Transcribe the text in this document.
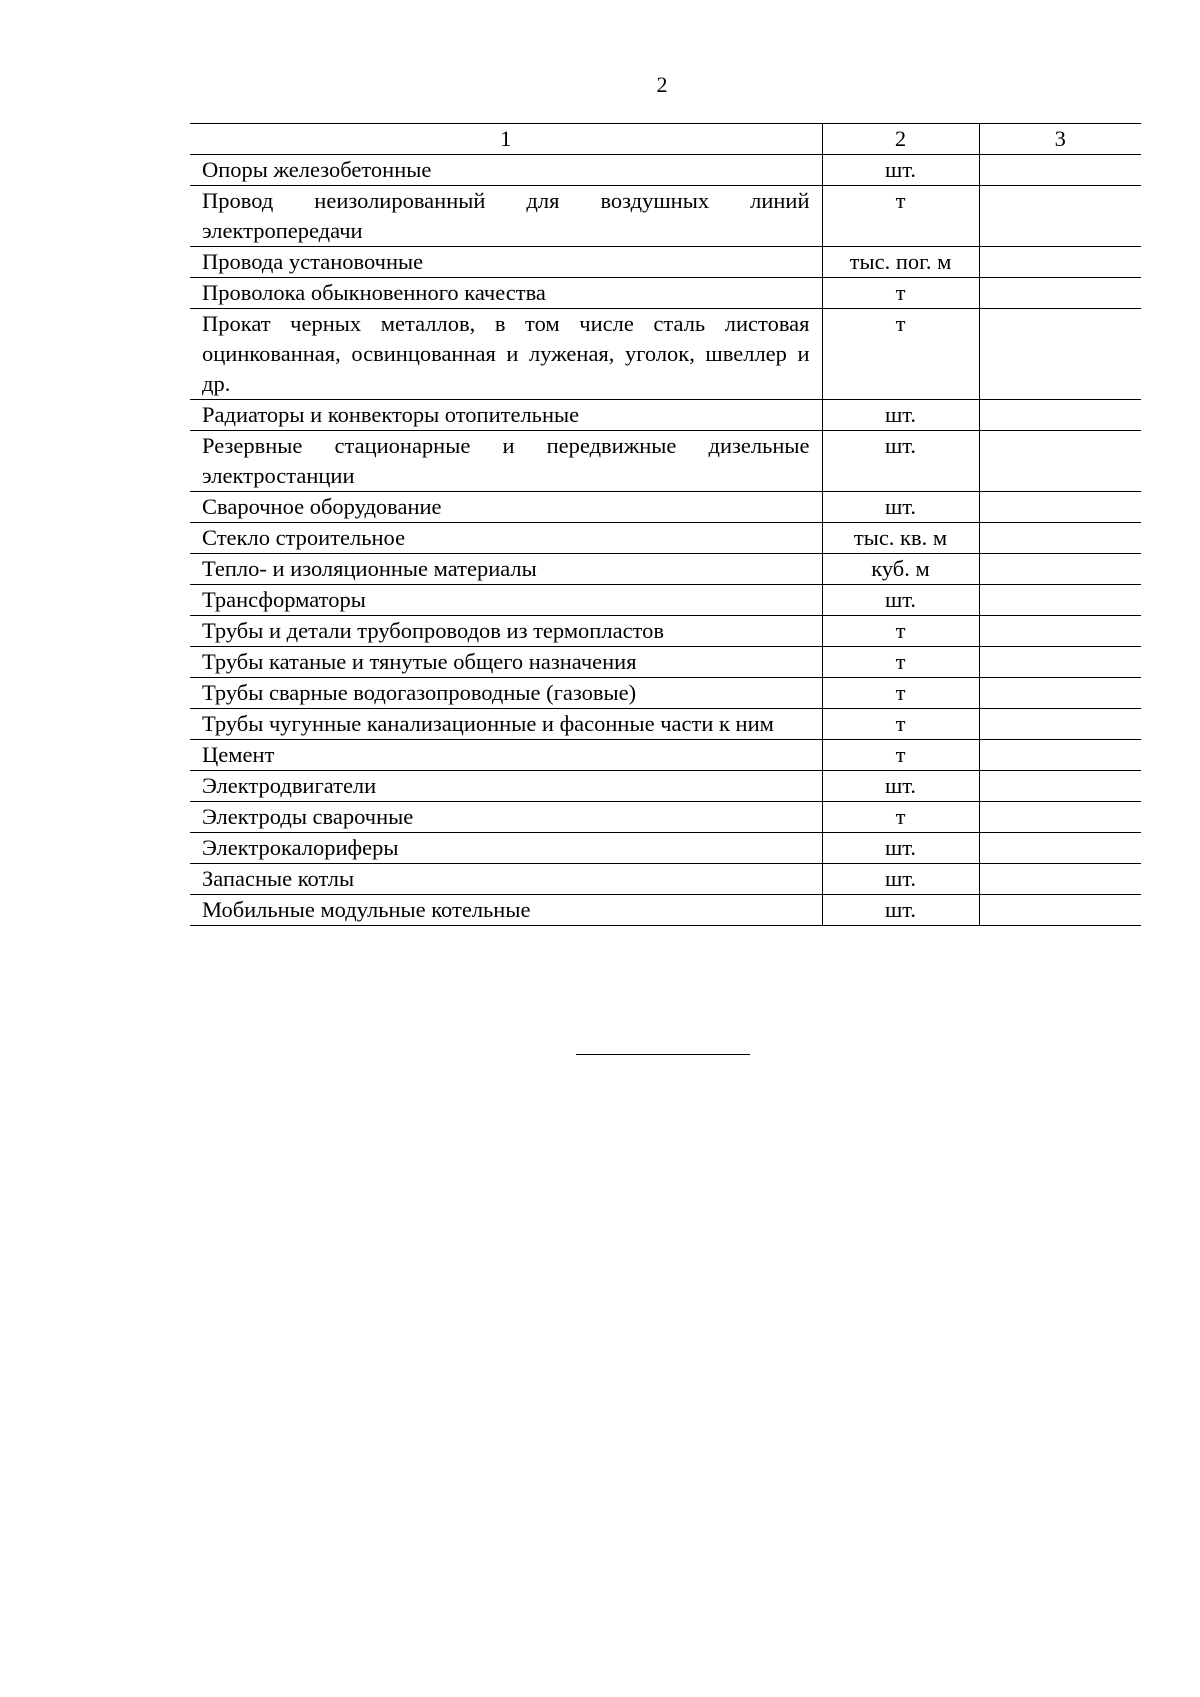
2
1	2	3
Опоры железобетонные	шт.	
Провод неизолированный для воздушных линий электропередачи	т	
Провода установочные	тыс. пог. м	
Проволока обыкновенного качества	т	
Прокат черных металлов, в том числе сталь листовая оцинкованная, освинцованная и луженая, уголок, швеллер и др.	т	
Радиаторы и конвекторы отопительные	шт.	
Резервные стационарные и передвижные дизельные электростанции	шт.	
Сварочное оборудование	шт.	
Стекло строительное	тыс. кв. м	
Тепло- и изоляционные материалы	куб. м	
Трансформаторы	шт.	
Трубы и детали трубопроводов из термопластов	т	
Трубы катаные и тянутые общего назначения	т	
Трубы сварные водогазопроводные (газовые)	т	
Трубы чугунные канализационные и фасонные части к ним	т	
Цемент	т	
Электродвигатели	шт.	
Электроды сварочные	т	
Электрокалориферы	шт.	
Запасные котлы	шт.	
Мобильные модульные котельные	шт.	
